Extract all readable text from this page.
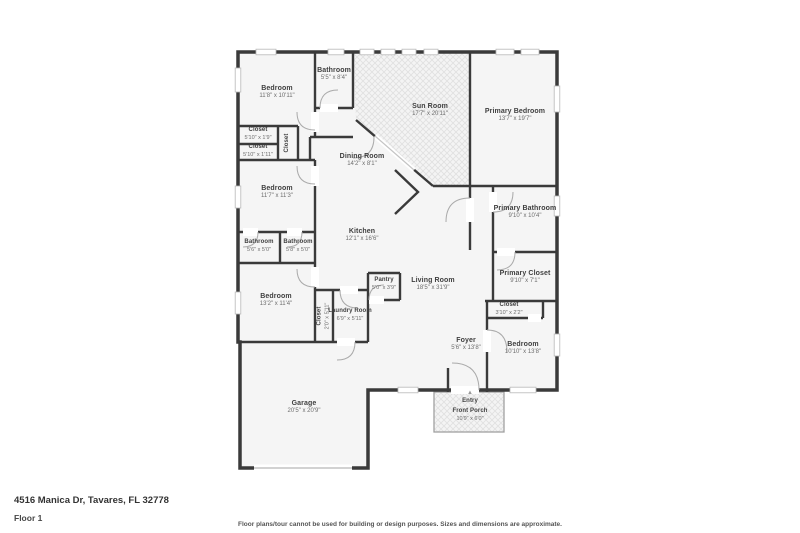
Bedroom
11'8" x 10'11"
Bathroom
5'5" x 8'4"
Sun Room
17'7" x 20'11"	Primary Bedroom
13'7" x 19'7"
Closet
5'10" x 1'9"
Closet
5'10" x 1'11"
Closet
Dining Room
14'2" x 8'1"
Bedroom
11'7" x 11'3"
Primary Bathroom
9'10" x 10'4"
Kitchen
12'1" x 16'6"
Bathroom
5'6" x 5'0"
Bathroom
5'8" x 5'0"
Primary Closet
9'10" x 7'1"
Pantry
5'0" x 3'9"
Living Room
18'5" x 31'9"
Bedroom
13'2" x 11'4"
Closet 2'0" x 5'11"
Laundry Room
6'9" x 5'11"
Closet
3'10" x 2'2"
Foyer
5'6" x 13'8"
Bedroom
10'10" x 13'8"
Garage
20'5" x 20'9"
▲
Entry
Front Porch
10'9" x 6'0"
4516 Manica Dr, Tavares, FL 32778
Floor 1
Floor plans/tour cannot be used for building or design purposes. Sizes and dimensions are approximate.
